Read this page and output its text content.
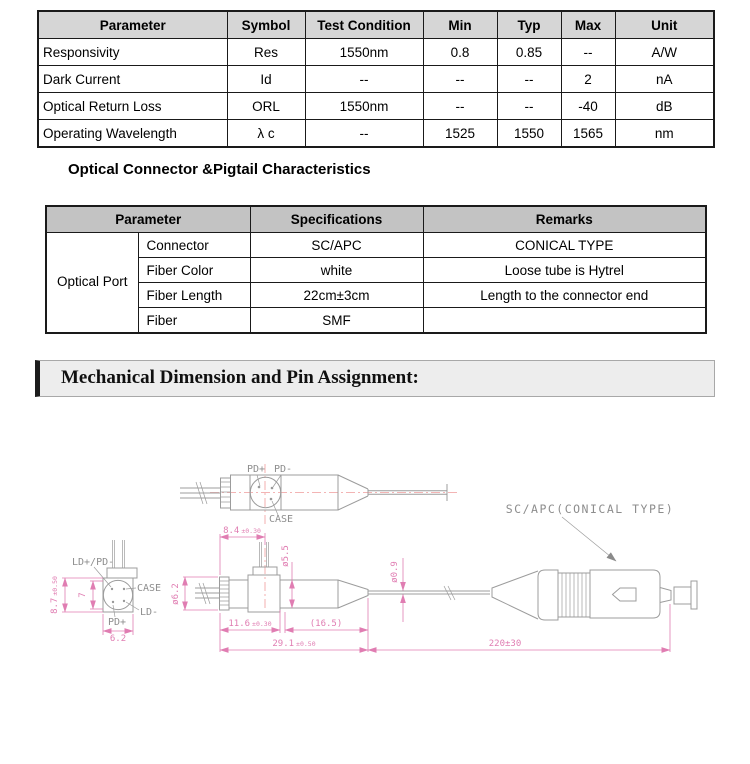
Parameter	Symbol	Test Condition	Min	Typ	Max	Unit
Responsivity	Res	1550nm	0.8	0.85	--	A/W
Dark Current	Id	--	--	--	2	nA
Optical Return Loss	ORL	1550nm	--	--	-40	dB
Operating Wavelength	λ c	--	1525	1550	1565	nm
Optical Connector &Pigtail Characteristics
Parameter		Specifications	Remarks
Optical Port	Connector	SC/APC	CONICAL TYPE
	Fiber Color	white	Loose tube is Hytrel
	Fiber Length	22cm±3cm	Length to the connector end
	Fiber	SMF	
Mechanical Dimension and Pin Assignment:
PD+ PD-
CASE
LD+/PD-
CASE
LD-
PD+
8.7±0.50 7
6.2
8.4 ±0.30
ø6.2
ø5.5
ø0.9
11.6 ±0.30	(16.5)
29.1 ±0.50	220±30
SC/APC(CONICAL TYPE)
